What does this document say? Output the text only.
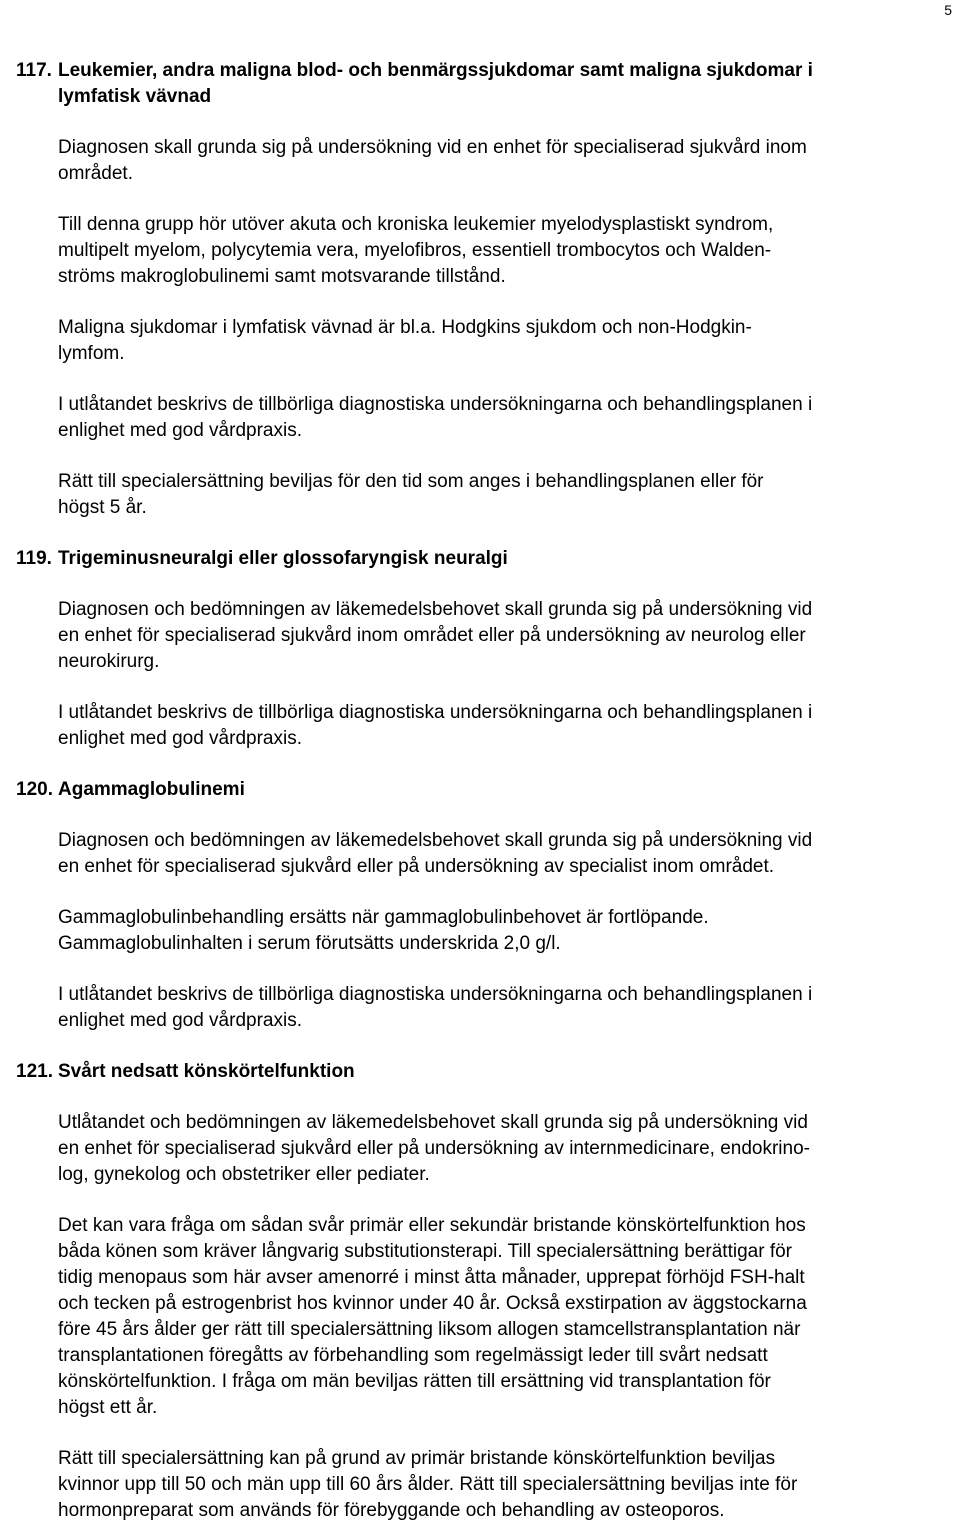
5
117. Leukemier, andra maligna blod- och benmärgssjukdomar samt maligna sjukdomar i
lymfatisk vävnad

Diagnosen skall grunda sig på undersökning vid en enhet för specialiserad sjukvård inom
området.

Till denna grupp hör utöver akuta och kroniska leukemier myelodysplastiskt syndrom,
multipelt myelom, polycytemia vera, myelofibros, essentiell trombocytos och Walden-
ströms makroglobulinemi samt motsvarande tillstånd.

Maligna sjukdomar i lymfatisk vävnad är bl.a. Hodgkins sjukdom och non-Hodgkin-
lymfom.

I utlåtandet beskrivs de tillbörliga diagnostiska undersökningarna och behandlingsplanen i
enlighet med god vårdpraxis.

Rätt till specialersättning beviljas för den tid som anges i behandlingsplanen eller för
högst 5 år.

119. Trigeminusneuralgi eller glossofaryngisk neuralgi

Diagnosen och bedömningen av läkemedelsbehovet skall grunda sig på undersökning vid
en enhet för specialiserad sjukvård inom området eller på undersökning av neurolog eller
neurokirurg.

I utlåtandet beskrivs de tillbörliga diagnostiska undersökningarna och behandlingsplanen i
enlighet med god vårdpraxis.

120. Agammaglobulinemi

Diagnosen och bedömningen av läkemedelsbehovet skall grunda sig på undersökning vid
en enhet för specialiserad sjukvård eller på undersökning av specialist inom området.

Gammaglobulinbehandling ersätts när gammaglobulinbehovet är fortlöpande.
Gammaglobulinhalten i serum förutsätts underskrida 2,0 g/l.

I utlåtandet beskrivs de tillbörliga diagnostiska undersökningarna och behandlingsplanen i
enlighet med god vårdpraxis.

121. Svårt nedsatt könskörtelfunktion

Utlåtandet och bedömningen av läkemedelsbehovet skall grunda sig på undersökning vid
en enhet för specialiserad sjukvård eller på undersökning av internmedicinare, endokrino-
log, gynekolog och obstetriker eller pediater.

Det kan vara fråga om sådan svår primär eller sekundär bristande könskörtelfunktion hos
båda könen som kräver långvarig substitutionsterapi. Till specialersättning berättigar för
tidig menopaus som här avser amenorré i minst åtta månader, upprepat förhöjd FSH-halt
och tecken på estrogenbrist hos kvinnor under 40 år. Också exstirpation av äggstockarna
före 45 års ålder ger rätt till specialersättning liksom allogen stamcellstransplantation när
transplantationen föregåtts av förbehandling som regelmässigt leder till svårt nedsatt
könskörtelfunktion. I fråga om män beviljas rätten till ersättning vid transplantation för
högst ett år.

Rätt till specialersättning kan på grund av primär bristande könskörtelfunktion beviljas
kvinnor upp till 50 och män upp till 60 års ålder. Rätt till specialersättning beviljas inte för
hormonpreparat som används för förebyggande och behandling av osteoporos.
